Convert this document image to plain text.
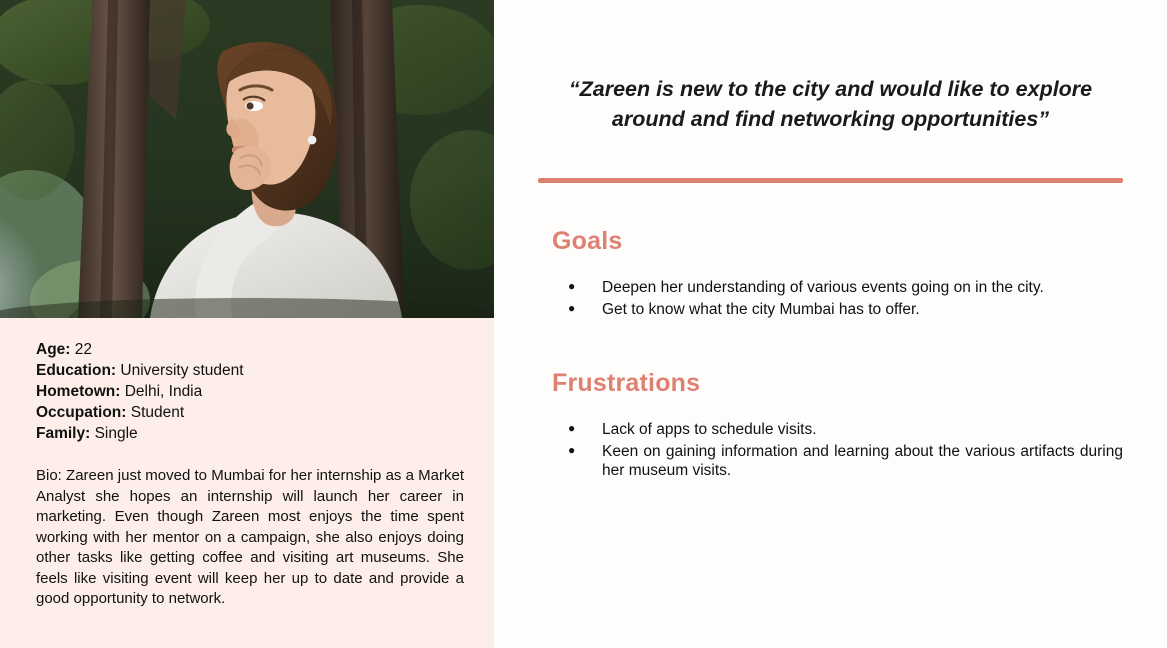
Age: 22
Education: University student
Hometown: Delhi, India
Occupation: Student
Family: Single
Bio: Zareen just moved to Mumbai for her internship as a Market Analyst she hopes an internship will launch her career in marketing. Even though Zareen most enjoys the time spent working with her mentor on a campaign, she also enjoys doing other tasks like getting coffee and visiting art museums. She feels like visiting event will keep her up to date and provide a good opportunity to network.
“Zareen is new to the city and would like to explore around and find networking opportunities”
Goals
● Deepen her understanding of various events going on in the city.
● Get to know what the city Mumbai has to offer.
Frustrations
● Lack of apps to schedule visits.
● Keen on gaining information and learning about the various artifacts during her museum visits.
